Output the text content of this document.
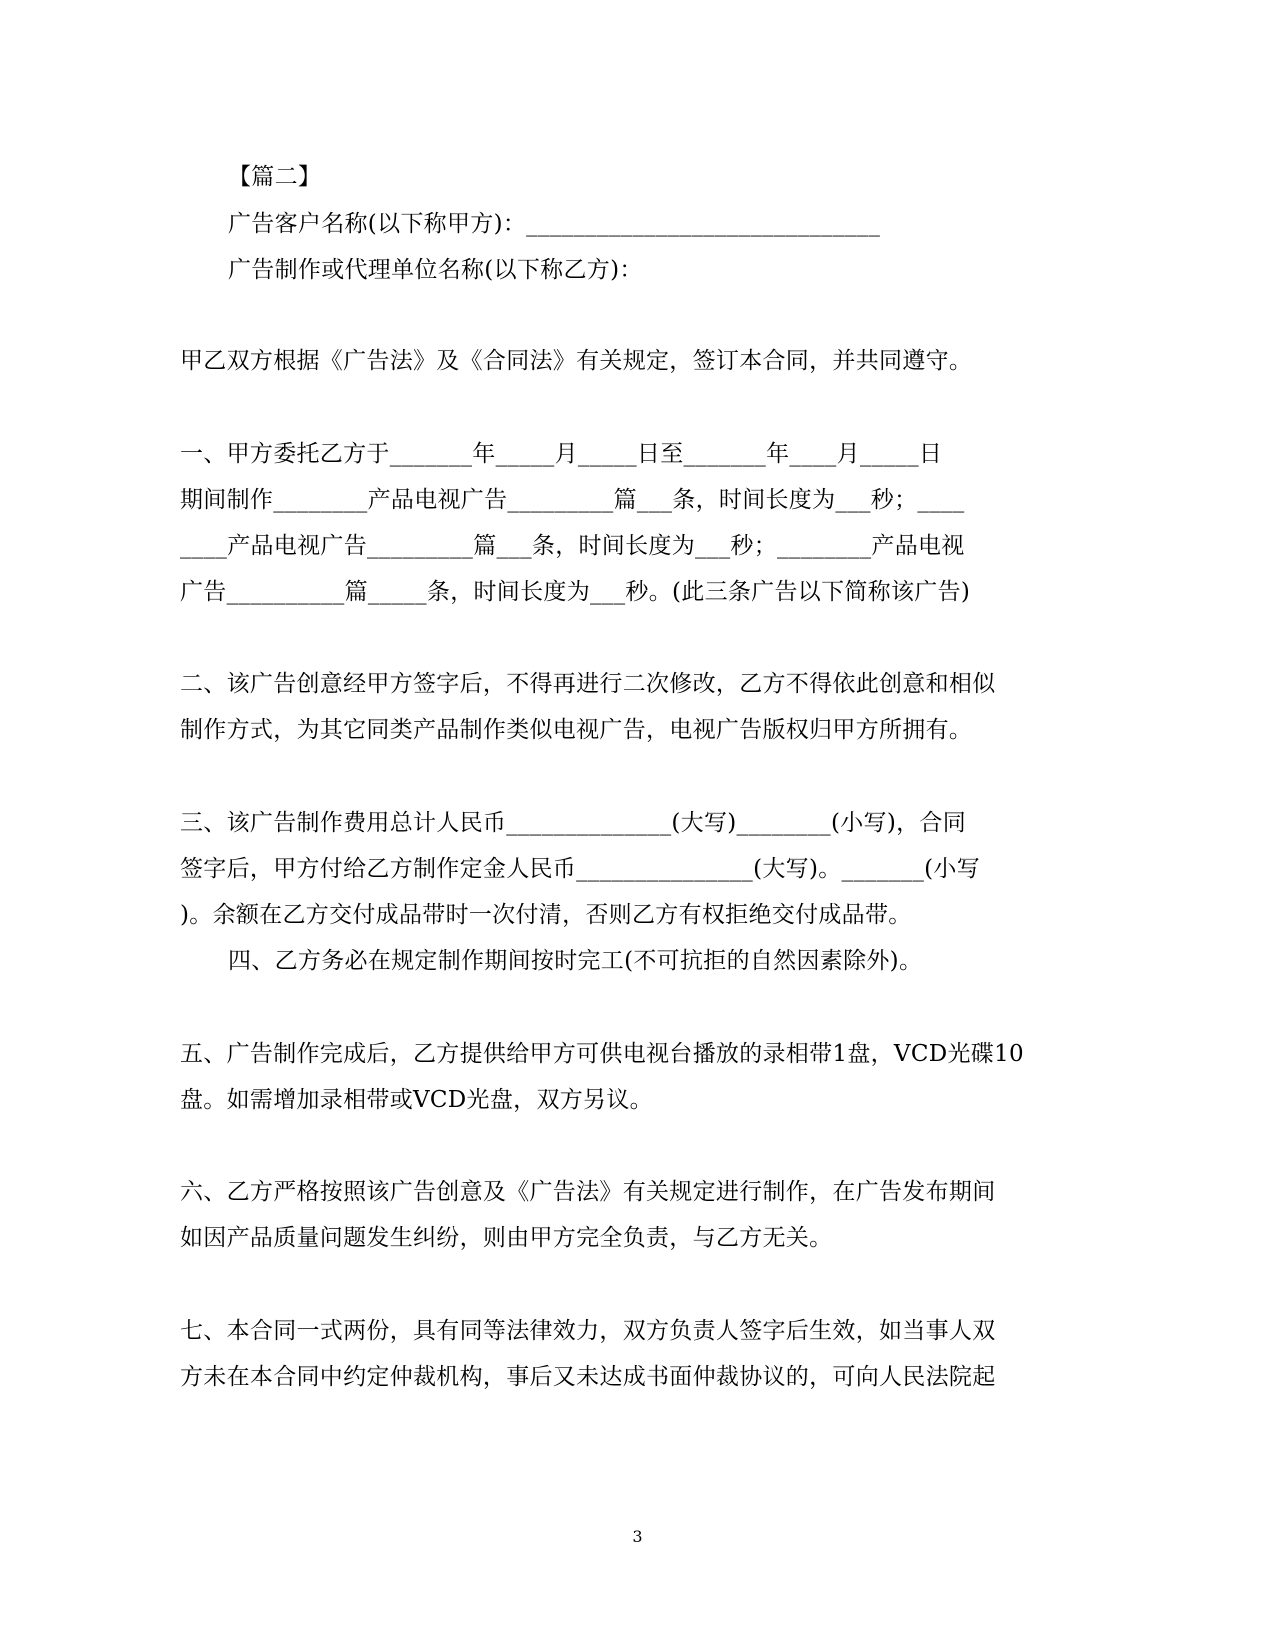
【篇二】
广告客户名称(以下称甲方)：______________________________
广告制作或代理单位名称(以下称乙方)：
甲乙双方根据《广告法》及《合同法》有关规定，签订本合同，并共同遵守。
一、甲方委托乙方于_______年_____月_____日至_______年____月_____日
期间制作________产品电视广告_________篇___条，时间长度为___秒；____
____产品电视广告_________篇___条，时间长度为___秒；________产品电视
广告__________篇_____条，时间长度为___秒。(此三条广告以下简称该广告)
二、该广告创意经甲方签字后，不得再进行二次修改，乙方不得依此创意和相似
制作方式，为其它同类产品制作类似电视广告，电视广告版权归甲方所拥有。
三、该广告制作费用总计人民币______________(大写)________(小写)，合同
签字后，甲方付给乙方制作定金人民币_______________(大写)。_______(小写
)。余额在乙方交付成品带时一次付清，否则乙方有权拒绝交付成品带。
四、乙方务必在规定制作期间按时完工(不可抗拒的自然因素除外)。
五、广告制作完成后，乙方提供给甲方可供电视台播放的录相带1盘，VCD光碟10
盘。如需增加录相带或VCD光盘，双方另议。
六、乙方严格按照该广告创意及《广告法》有关规定进行制作，在广告发布期间
如因产品质量问题发生纠纷，则由甲方完全负责，与乙方无关。
七、本合同一式两份，具有同等法律效力，双方负责人签字后生效，如当事人双
方未在本合同中约定仲裁机构，事后又未达成书面仲裁协议的，可向人民法院起
3
